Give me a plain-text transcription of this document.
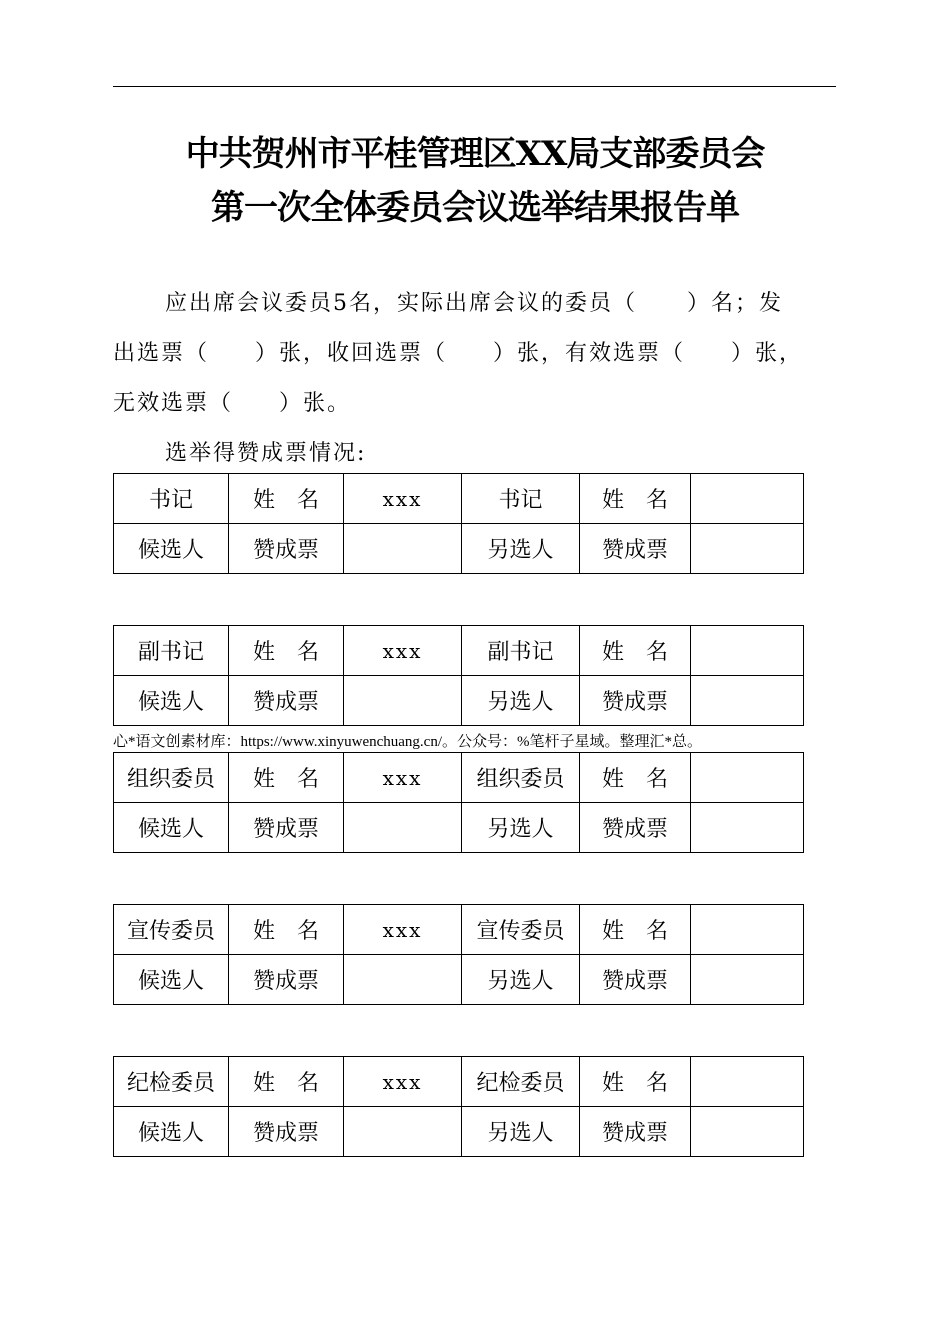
中共贺州市平桂管理区XX局支部委员会
第一次全体委员会议选举结果报告单
应出席会议委员5名，实际出席会议的委员（ ）名；发
出选票（ ）张，收回选票（ ）张，有效选票（ ）张，
无效选票（ ）张。
选举得赞成票情况:
书记	姓　名	xxx	书记	姓　名	
候选人	赞成票		另选人	赞成票	
副书记	姓　名	xxx	副书记	姓　名	
候选人	赞成票		另选人	赞成票	
心*语文创素材库：https://www.xinyuwenchuang.cn/。公众号：%笔杆子星域。整理汇*总。
组织委员	姓　名	xxx	组织委员	姓　名	
候选人	赞成票		另选人	赞成票	
宣传委员	姓　名	xxx	宣传委员	姓　名	
候选人	赞成票		另选人	赞成票	
纪检委员	姓　名	xxx	纪检委员	姓　名	
候选人	赞成票		另选人	赞成票	
